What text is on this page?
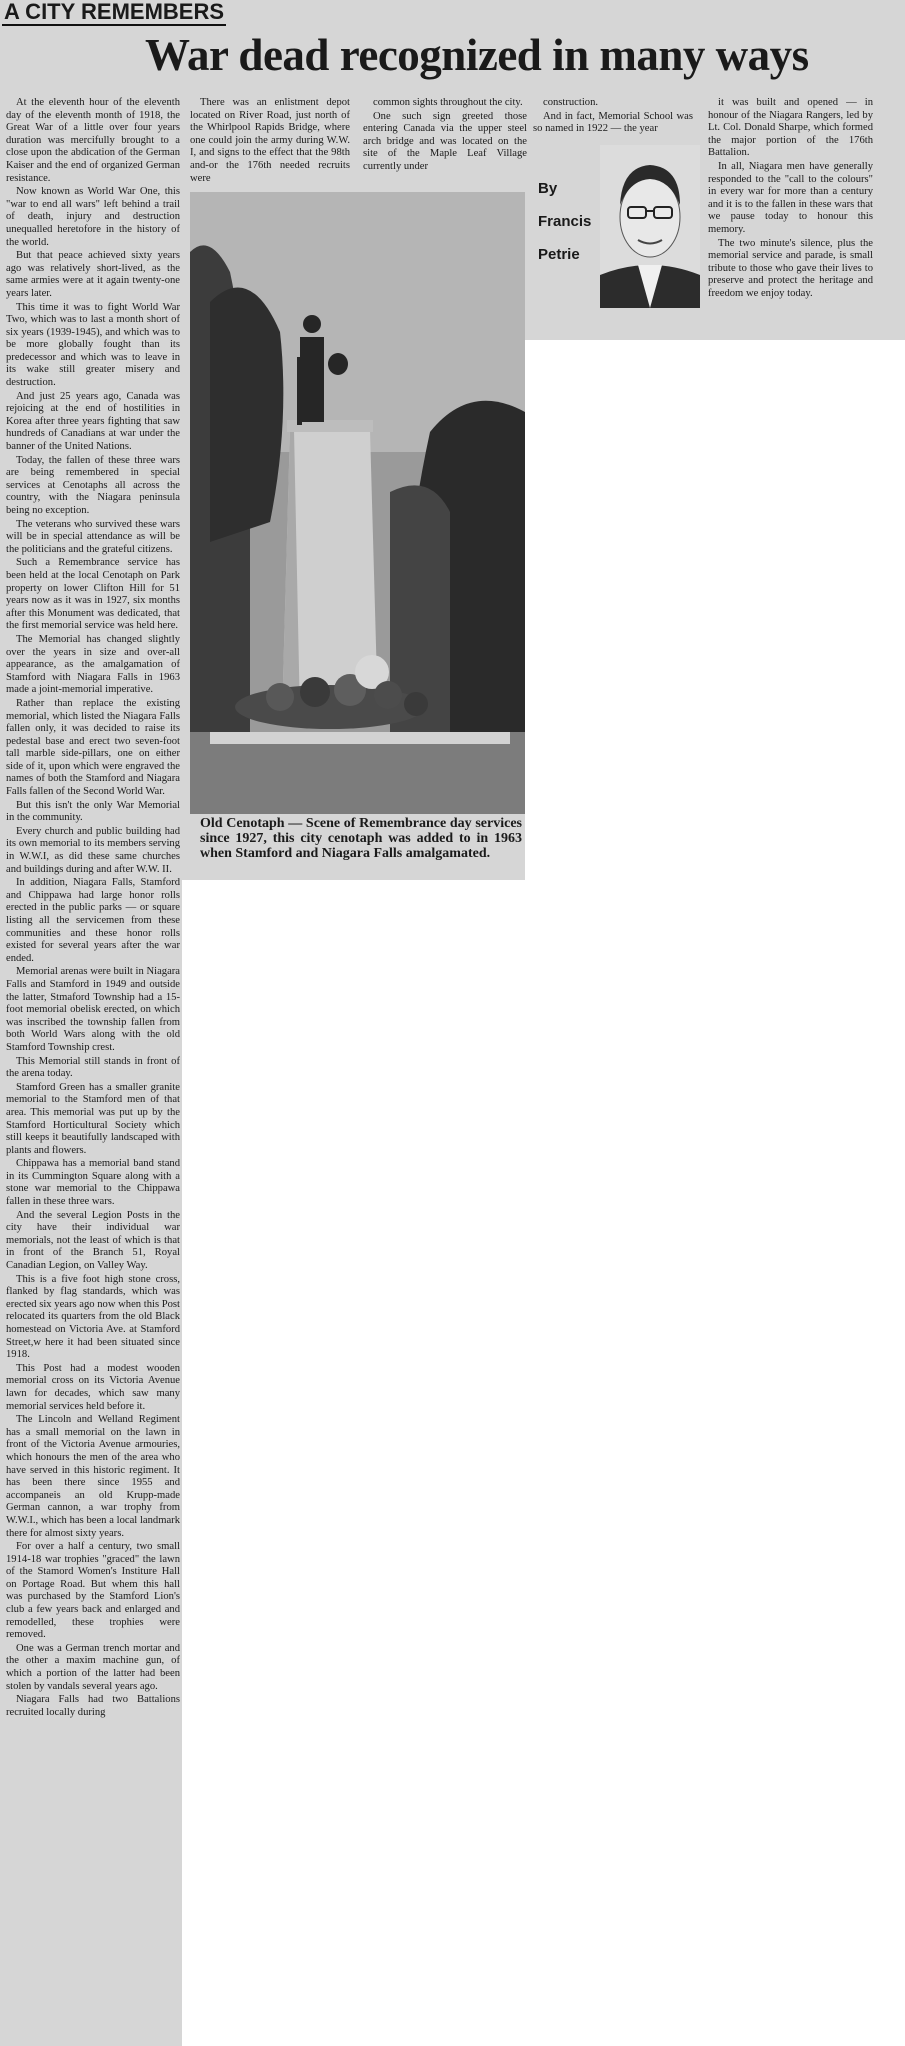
A CITY REMEMBERS
War dead recognized in many ways

At the eleventh hour of the eleventh day of the eleventh month of 1918, the Great War of a little over four years duration was mercifully brought to a close upon the abdication of the German Kaiser and the end of organized German resistance.

Now known as World War One, this "war to end all wars" left behind a trail of death, injury and destruction unequalled heretofore in the history of the world.

But that peace achieved sixty years ago was relatively short-lived, as the same armies were at it again twenty-one years later.

This time it was to fight World War Two, which was to last a month short of six years (1939-1945), and which was to be more globally fought than its predecessor and which was to leave in its wake still greater misery and destruction.

And just 25 years ago, Canada was rejoicing at the end of hostilities in Korea after three years fighting that saw hundreds of Canadians at war under the banner of the United Nations.

Today, the fallen of these three wars are being remembered in special services at Cenotaphs all across the country, with the Niagara peninsula being no exception.

The veterans who survived these wars will be in special attendance as will be the politicians and the grateful citizens.

Such a Remembrance service has been held at the local Cenotaph on Park property on lower Clifton Hill for 51 years now as it was in 1927, six months after this Monument was dedicated, that the first memorial service was held here.

The Memorial has changed slightly over the years in size and over-all appearance, as the amalgamation of Stamford with Niagara Falls in 1963 made a joint-memorial imperative.

Rather than replace the existing memorial, which listed the Niagara Falls fallen only, it was decided to raise its pedestal base and erect two seven-foot tall marble side-pillars, one on either side of it, upon which were engraved the names of both the Stamford and Niagara Falls fallen of the Second World War.

But this isn't the only War Memorial in the community.

Every church and public building had its own memorial to its members serving in W.W.I, as did these same churches and buildings during and after W.W. II.

In addition, Niagara Falls, Stamford and Chippawa had large honor rolls erected in the public parks — or square listing all the servicemen from these communities and these honor rolls existed for several years after the war ended.

Memorial arenas were built in Niagara Falls and Stamford in 1949 and outside the latter, Stmaford Township had a 15-foot memorial obelisk erected, on which was inscribed the township fallen from both World Wars along with the old Stamford Township crest.

This Memorial still stands in front of the arena today.

Stamford Green has a smaller granite memorial to the Stamford men of that area. This memorial was put up by the Stamford Horticultural Society which still keeps it beautifully landscaped with plants and flowers.

Chippawa has a memorial band stand in its Cummington Square along with a stone war memorial to the Chippawa fallen in these three wars.

And the several Legion Posts in the city have their individual war memorials, not the least of which is that in front of the Branch 51, Royal Canadian Legion, on Valley Way.

This is a five foot high stone cross, flanked by flag standards, which was erected six years ago now when this Post relocated its quarters from the old Black homestead on Victoria Ave. at Stamford Street,w here it had been situated since 1918.

This Post had a modest wooden memorial cross on its Victoria Avenue lawn for decades, which saw many memorial services held before it.

The Lincoln and Welland Regiment has a small memorial on the lawn in front of the Victoria Avenue armouries, which honours the men of the area who have served in this historic regiment. It has been there since 1955 and accompaneis an old Krupp-made German cannon, a war trophy from W.W.I., which has been a local landmark there for almost sixty years.

For over a half a century, two small 1914-18 war trophies "graced" the lawn of the Stamord Women's Institure Hall on Portage Road. But whem this hall was purchased by the Stamford Lion's club a few years back and enlarged and remodelled, these trophies were removed.

One was a German trench mortar and the other a maxim machine gun, of which a portion of the latter had been stolen by vandals several years ago.

Niagara Falls had two Battalions recruited locally during

There was an enlistment depot located on River Road, just north of the Whirlpool Rapids Bridge, where one could join the army during W.W. I, and signs to the effect that the 98th and-or the 176th needed recruits were

common sights throughout the city.

One such sign greeted those entering Canada via the upper steel arch bridge and was located on the site of the Maple Leaf Village currently under

construction.

And in fact, Memorial School was so named in 1922 — the year

it was built and opened — in honour of the Niagara Rangers, led by Lt. Col. Donald Sharpe, which formed the major portion of the 176th Battalion.

In all, Niagara men have generally responded to the "call to the colours" in every war for more than a century and it is to the fallen in these wars that we pause today to honour this memory.

The two minute's silence, plus the memorial service and parade, is small tribute to those who gave their lives to preserve and protect the heritage and freedom we enjoy today.

Old Cenotaph — Scene of Remembrance day services since 1927, this city cenotaph was added to in 1963 when Stamford and Niagara Falls amalgamated.
By
Francis
Petrie
